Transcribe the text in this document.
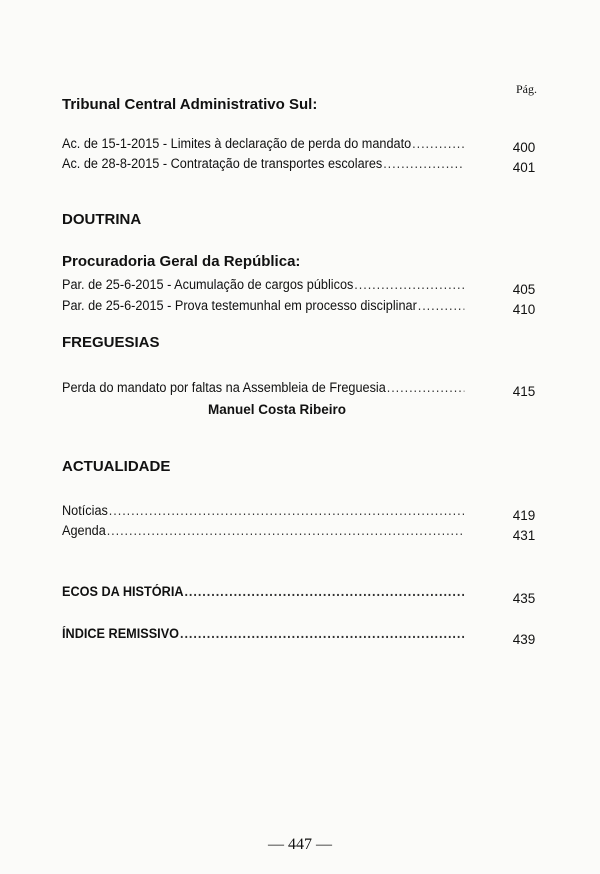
Pág.
Tribunal Central Administrativo Sul:
Ac. de 15-1-2015 - Limites à declaração de perda do mandato .....	400
Ac. de 28-8-2015 - Contratação de transportes escolares .....	401
DOUTRINA
Procuradoria Geral da República:
Par. de 25-6-2015 - Acumulação de cargos públicos .....	405
Par. de 25-6-2015 - Prova testemunhal em processo disciplinar .....	410
FREGUESIAS
Perda do mandato por faltas na Assembleia de Freguesia .....	415
Manuel Costa Ribeiro
ACTUALIDADE
Notícias .....	419
Agenda .....	431
ECOS DA HISTÓRIA .....	435
ÍNDICE REMISSIVO .....	439
— 447 —
